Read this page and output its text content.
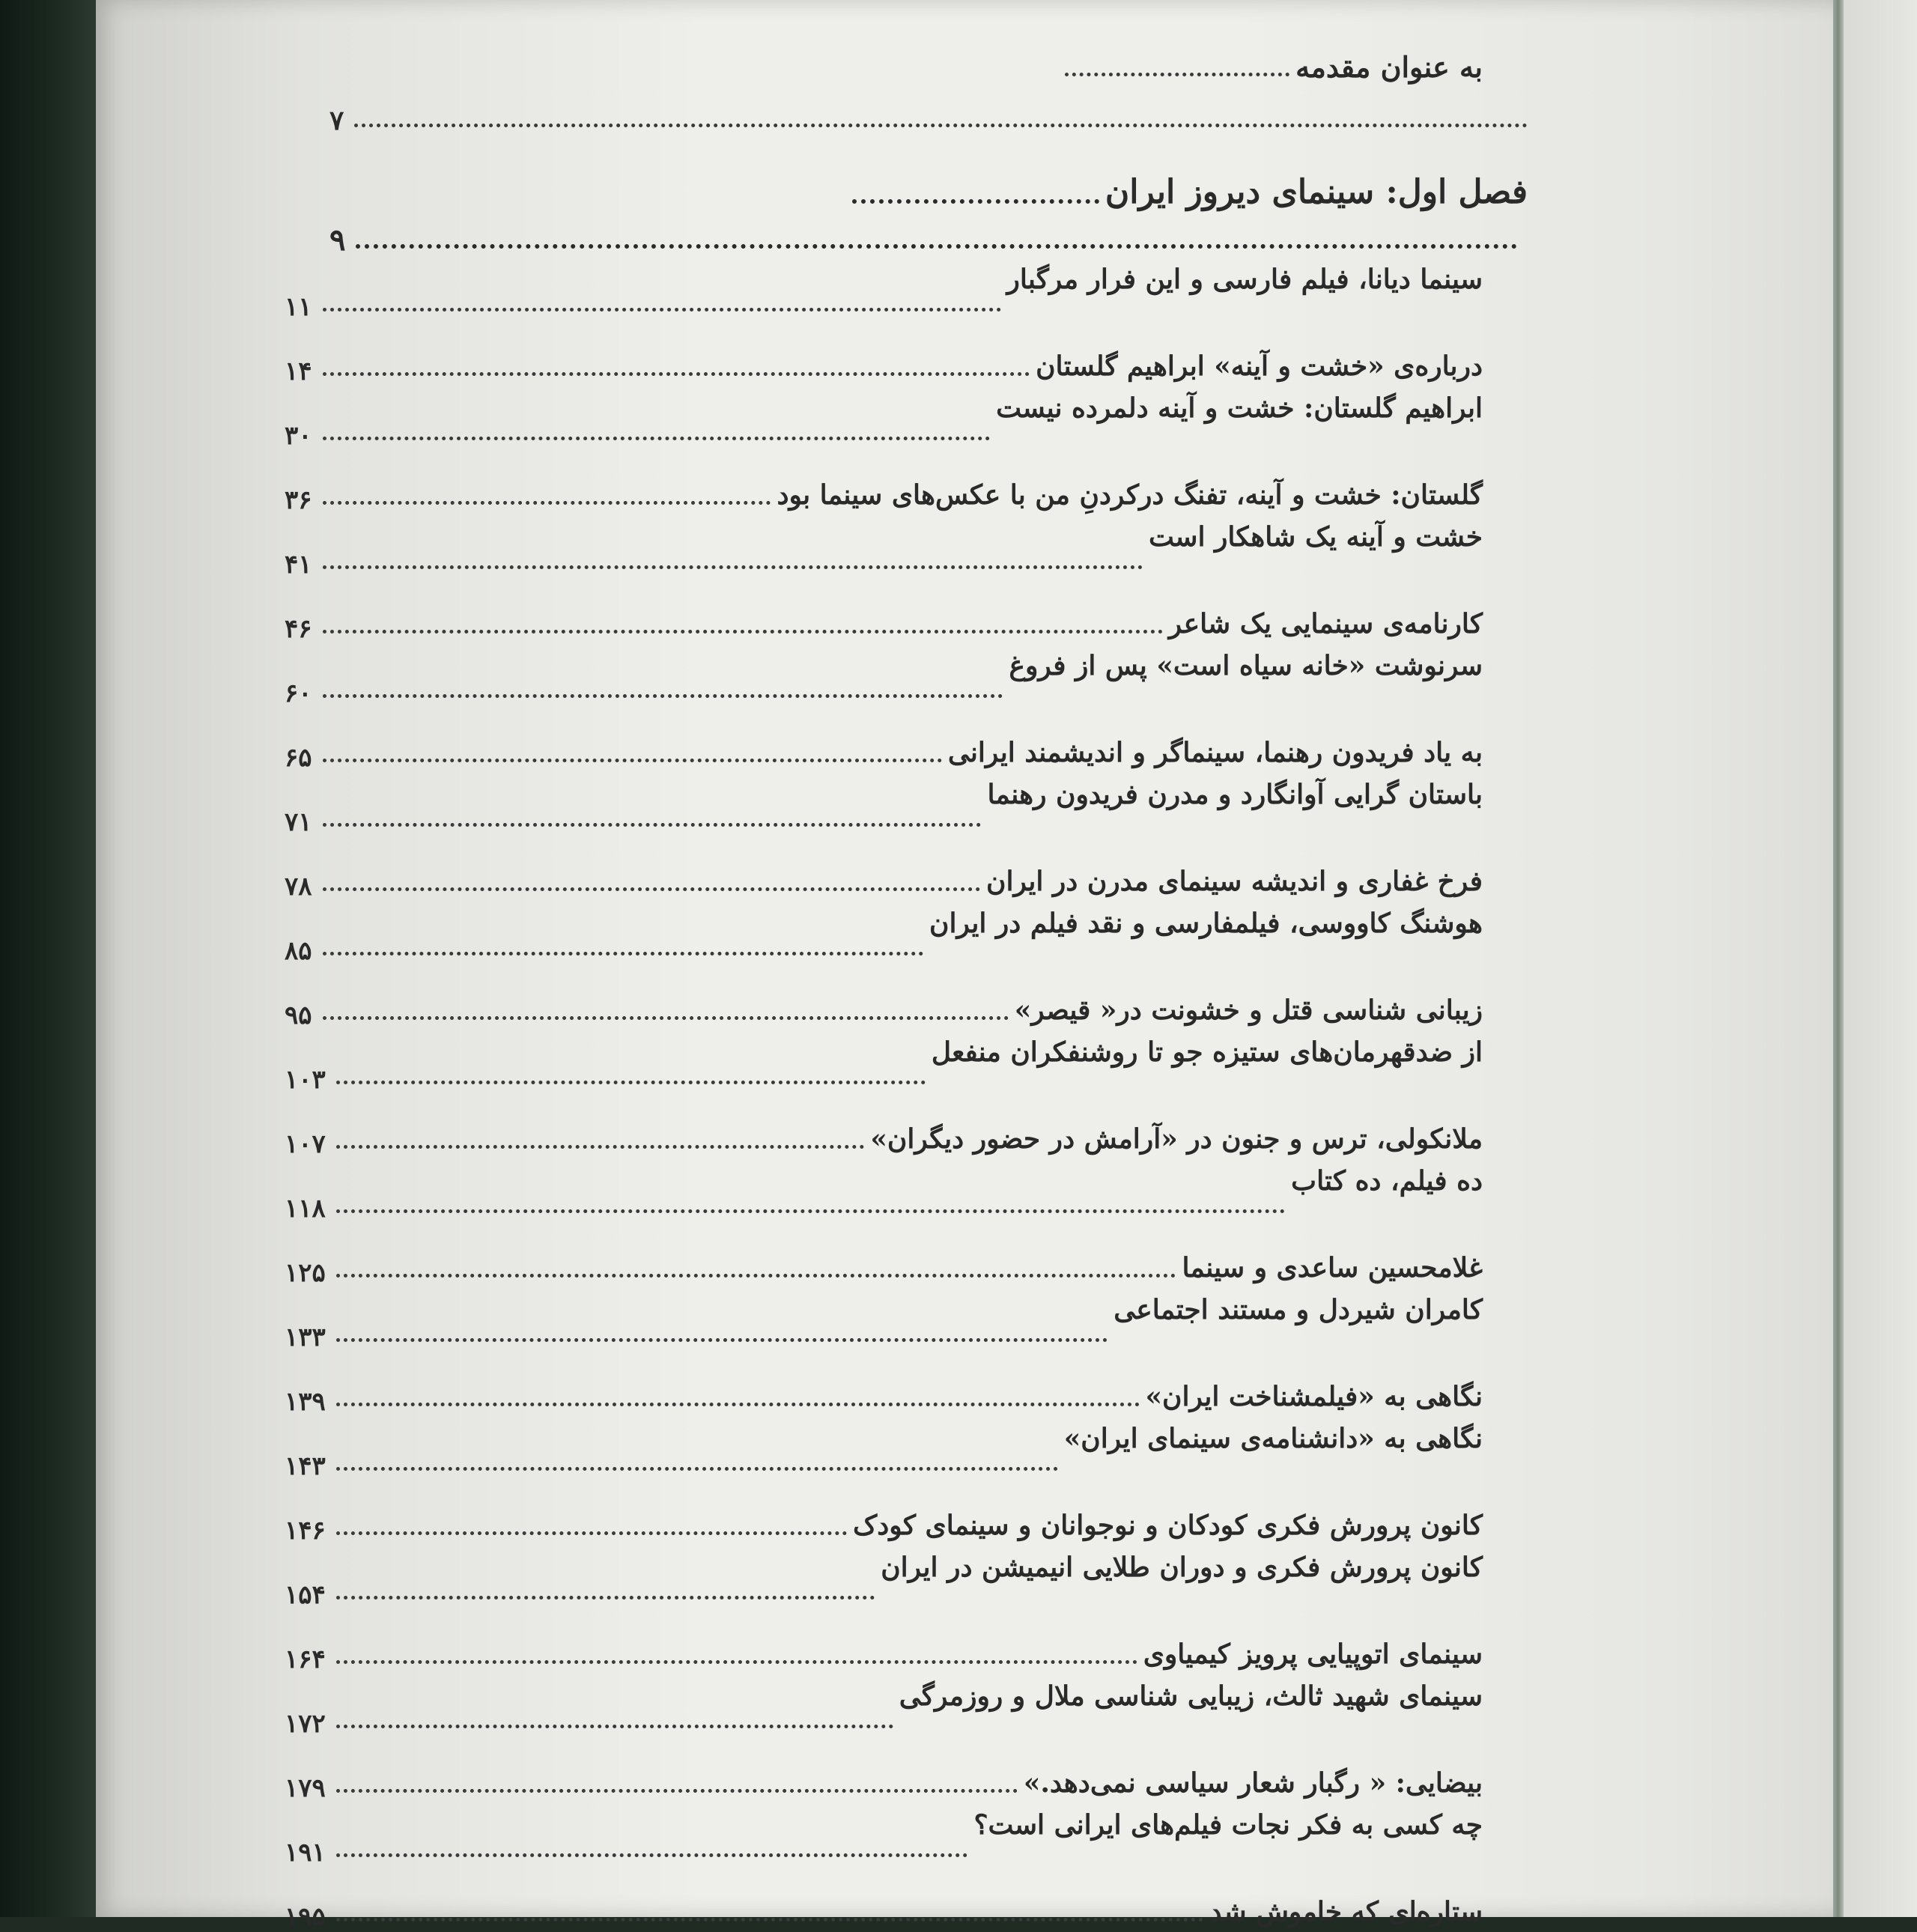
به عنوان مقدمه
۷
فصل اول: سینمای دیروز ایران
۹
سینما دیانا، فیلم فارسی و این فرار مرگبار
۱۱
درباره‌ی «خشت و آینه» ابراهیم گلستان
۱۴
ابراهیم گلستان: خشت و آینه دلمرده نیست
۳۰
گلستان: خشت و آینه، تفنگ درکردنِ من با عکس‌های سینما بود
۳۶
خشت و آینه یک شاهکار است
۴۱
کارنامه‌ی سینمایی یک شاعر
۴۶
سرنوشت «خانه سیاه است» پس از فروغ
۶۰
به یاد فریدون رهنما، سینماگر و اندیشمند ایرانی
۶۵
باستان گرایی آوانگارد و مدرن فریدون رهنما
۷۱
فرخ غفاری و اندیشه سینمای مدرن در ایران
۷۸
هوشنگ کاووسی، فیلمفارسی و نقد فیلم در ایران
۸۵
زیبانی شناسی قتل و خشونت در« قیصر»
۹۵
از ضدقهرمان‌های ستیزه جو تا روشنفکران منفعل
۱۰۳
ملانکولی، ترس و جنون در «آرامش در حضور دیگران»
۱۰۷
ده فیلم، ده کتاب
۱۱۸
غلامحسین ساعدی و سینما
۱۲۵
کامران شیردل و مستند اجتماعی
۱۳۳
نگاهی به «فیلمشناخت ایران»
۱۳۹
نگاهی به «دانشنامه‌ی سینمای ایران»
۱۴۳
کانون پرورش فکری کودکان و نوجوانان و سینمای کودک
۱۴۶
کانون پرورش فکری و دوران طلایی انیمیشن در ایران
۱۵۴
سینمای اتوپیایی پرویز کیمیاوی
۱۶۴
سینمای شهید ثالث، زیبایی شناسی ملال و روزمرگی
۱۷۲
بیضایی: « رگبار شعار سیاسی نمی‌دهد.»
۱۷۹
چه کسی به فکر نجات فیلم‌های ایرانی است؟
۱۹۱
ستاره‌ای که خاموش شد
۱۹۵
